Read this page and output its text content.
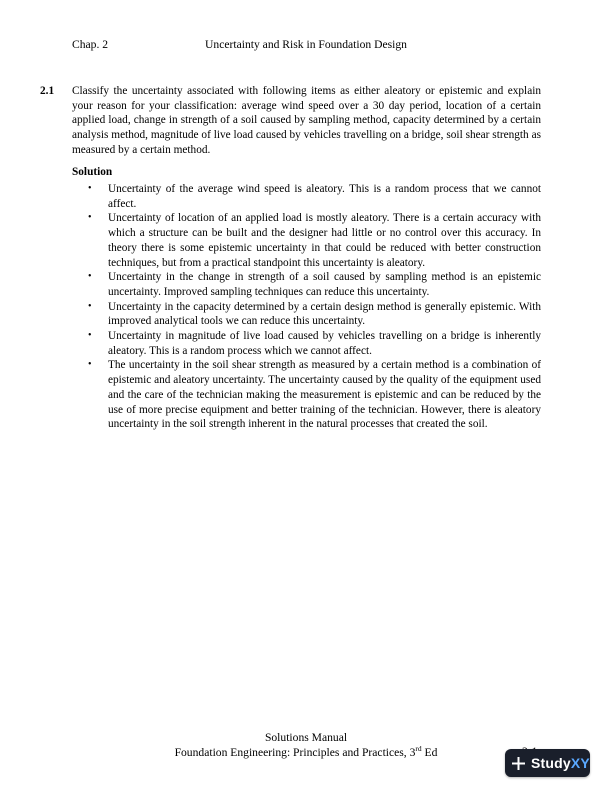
Chap. 2	Uncertainty and Risk in Foundation Design
2.1 Classify the uncertainty associated with following items as either aleatory or epistemic and explain your reason for your classification: average wind speed over a 30 day period, location of a certain applied load, change in strength of a soil caused by sampling method, capacity determined by a certain analysis method, magnitude of live load caused by vehicles travelling on a bridge, soil shear strength as measured by a certain method.
Solution
• Uncertainty of the average wind speed is aleatory. This is a random process that we cannot affect.
• Uncertainty of location of an applied load is mostly aleatory. There is a certain accuracy with which a structure can be built and the designer had little or no control over this accuracy. In theory there is some epistemic uncertainty in that could be reduced with better construction techniques, but from a practical standpoint this uncertainty is aleatory.
• Uncertainty in the change in strength of a soil caused by sampling method is an epistemic uncertainty. Improved sampling techniques can reduce this uncertainty.
• Uncertainty in the capacity determined by a certain design method is generally epistemic. With improved analytical tools we can reduce this uncertainty.
• Uncertainty in magnitude of live load caused by vehicles travelling on a bridge is inherently aleatory. This is a random process which we cannot affect.
• The uncertainty in the soil shear strength as measured by a certain method is a combination of epistemic and aleatory uncertainty. The uncertainty caused by the quality of the equipment used and the care of the technician making the measurement is epistemic and can be reduced by the use of more precise equipment and better training of the technician. However, there is aleatory uncertainty in the soil strength inherent in the natural processes that created the soil.
Solutions Manual
Foundation Engineering: Principles and Practices, 3rd Ed
StudyXY
